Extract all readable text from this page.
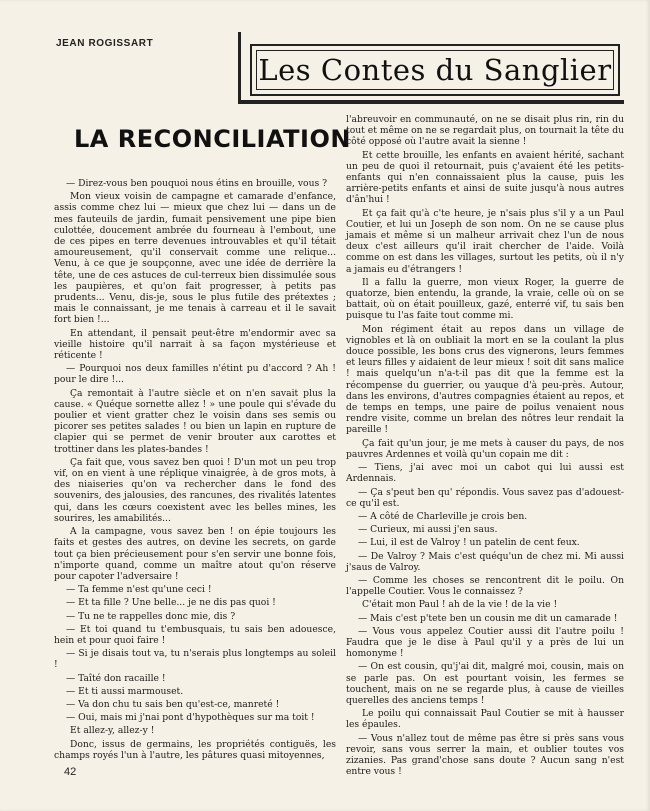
JEAN ROGISSART
Les Contes du Sanglier
LA RECONCILIATION

— Direz-vous ben pouquoi nous étins en brouille, vous ?

Mon vieux voisin de campagne et camarade d'enfance, assis comme chez lui — mieux que chez lui — dans un de mes fauteuils de jardin, fumait pensivement une pipe bien culottée, doucement ambrée du fourneau à l'embout, une de ces pipes en terre devenues introuvables et qu'il tétait amoureusement, qu'il conservait comme une relique... Venu, à ce que je soupçonne, avec une idée de derrière la tête, une de ces astuces de cul-terreux bien dissimulée sous les paupières, et qu'on fait progresser, à petits pas prudents... Venu, dis-je, sous le plus futile des prétextes ; mais le connaissant, je me tenais à carreau et il le savait fort bien !...

En attendant, il pensait peut-être m'endormir avec sa vieille histoire qu'il narrait à sa façon mystérieuse et réticente !

— Pourquoi nos deux familles n'étint pu d'accord ? Ah ! pour le dire !...

Ça remontait à l'autre siècle et on n'en savait plus la cause. « Quéque sornette allez ! » une poule qui s'évade du poulier et vient gratter chez le voisin dans ses semis ou picorer ses petites salades ! ou bien un lapin en rupture de clapier qui se permet de venir brouter aux carottes et trottiner dans les plates-bandes !

Ça fait que, vous savez ben quoi ! D'un mot un peu trop vif, on en vient à une réplique vinaigrée, à de gros mots, à des niaiseries qu'on va rechercher dans le fond des souvenirs, des jalousies, des rancunes, des rivalités latentes qui, dans les cœurs coexistent avec les belles mines, les sourires, les amabilités...

A la campagne, vous savez ben ! on épie toujours les faits et gestes des autres, on devine les secrets, on garde tout ça bien précieusement pour s'en servir une bonne fois, n'importe quand, comme un maître atout qu'on réserve pour capoter l'adversaire !

— Ta femme n'est qu'une ceci !

— Et ta fille ? Une belle... je ne dis pas quoi !

— Tu ne te rappelles donc mie, dis ?

— Et toi quand tu t'embusquais, tu sais ben adouesce, hein et pour quoi faire !

— Si je disais tout va, tu n'serais plus longtemps au soleil !

— Taîté don racaille !

— Et ti aussi marmouset.

— Va don chu tu sais ben qu'est-ce, manreté !

— Oui, mais mi j'nai pont d'hypothèques sur ma toit !

Et allez-y, allez-y !

Donc, issus de germains, les propriétés contiguës, les champs royés l'un à l'autre, les pâtures quasi mitoyennes,

l'abreuvoir en communauté, on ne se disait plus rin, rin du tout et même on ne se regardait plus, on tournait la tête du côté opposé où l'autre avait la sienne !

Et cette brouille, les enfants en avaient hérité, sachant un peu de quoi il retournait, puis ç'avaient été les petits-enfants qui n'en connaissaient plus la cause, puis les arrière-petits enfants et ainsi de suite jusqu'à nous autres d'ân'hui !

Et ça fait qu'à c'te heure, je n'sais plus s'il y a un Paul Coutier, et lui un Joseph de son nom. On ne se cause plus jamais et même si un malheur arrivait chez l'un de nous deux c'est ailleurs qu'il irait chercher de l'aide. Voilà comme on est dans les villages, surtout les petits, où il n'y a jamais eu d'étrangers !

Il a fallu la guerre, mon vieux Roger, la guerre de quatorze, bien entendu, la grande, la vraie, celle où on se battait, où on était pouilleux, gazé, enterré vif, tu sais ben puisque tu l'as faite tout comme mi.

Mon régiment était au repos dans un village de vignobles et là on oubliait la mort en se la coulant la plus douce possible, les bons crus des vignerons, leurs femmes et leurs filles y aidaient de leur mieux ! soit dit sans malice ! mais quelqu'un n'a-t-il pas dit que la femme est la récompense du guerrier, ou yauque d'à peu-près. Autour, dans les environs, d'autres compagnies étaient au repos, et de temps en temps, une paire de poilus venaient nous rendre visite, comme un brelan des nôtres leur rendait la pareille !

Ça fait qu'un jour, je me mets à causer du pays, de nos pauvres Ardennes et voilà qu'un copain me dit :

— Tiens, j'ai avec moi un cabot qui lui aussi est Ardennais.

— Ça s'peut ben qu' répondis. Vous savez pas d'adouest-ce qu'il est.

— A côté de Charleville je crois ben.

— Curieux, mi aussi j'en saus.

— Lui, il est de Valroy ! un patelin de cent feux.

— De Valroy ? Mais c'est quéqu'un de chez mi. Mi aussi j'saus de Valroy.

— Comme les choses se rencontrent dit le poilu. On l'appelle Coutier. Vous le connaissez ?

C'était mon Paul ! ah de la vie ! de la vie !

— Mais c'est p'tete ben un cousin me dit un camarade !

— Vous vous appelez Coutier aussi dit l'autre poilu ! Faudra que je le dise à Paul qu'il y a près de lui un homonyme !

— On est cousin, qu'j'ai dit, malgré moi, cousin, mais on se parle pas. On est pourtant voisin, les fermes se touchent, mais on ne se regarde plus, à cause de vieilles querelles des anciens temps !

Le poilu qui connaissait Paul Coutier se mit à hausser les épaules.

— Vous n'allez tout de même pas être si près sans vous revoir, sans vous serrer la main, et oublier toutes vos zizanies. Pas grand'chose sans doute ? Aucun sang n'est entre vous !

42
